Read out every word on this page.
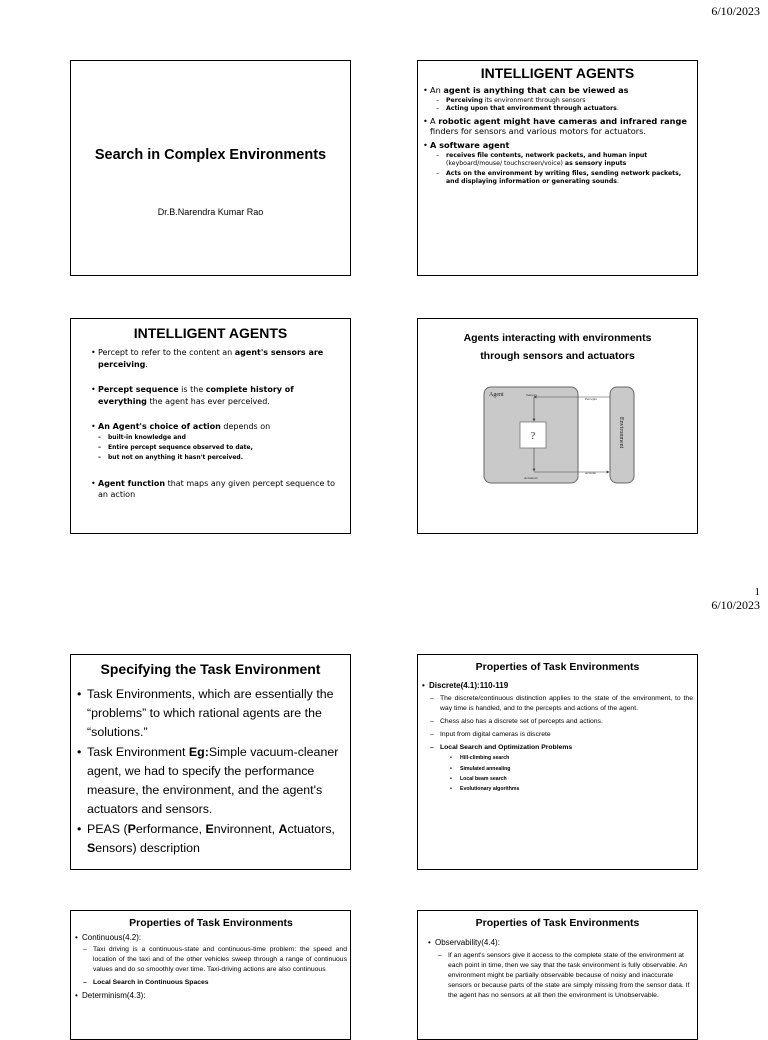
6/10/2023
1
6/10/2023
Search in Complex Environments
Dr.B.Narendra Kumar Rao
INTELLIGENT AGENTS
• An agent is anything that can be viewed as
– Perceiving its environment through sensors
– Acting upon that environment through actuators.
• A robotic agent might have cameras and infrared range finders for sensors and various motors for actuators.
• A software agent
– receives file contents, network packets, and human input (keyboard/mouse/ touchscreen/voice) as sensory inputs
– Acts on the environment by writing files, sending network packets, and displaying information or generating sounds.
INTELLIGENT AGENTS
• Percept to refer to the content an agent's sensors are perceiving.
• Percept sequence is the complete history of everything the agent has ever perceived.
• An Agent's choice of action depends on
– built-in knowledge and
– Entire percept sequence observed to date,
– but not on anything it hasn't perceived.
• Agent function that maps any given percept sequence to an action
Agents interacting with environments
through sensors and actuators
Agent	Sensors
Percepts
Actuators
Actions
Environment
?
Specifying the Task Environment
• Task Environments, which are essentially the “problems” to which rational agents are the “solutions.”
• Task Environment Eg:Simple vacuum-cleaner agent, we had to specify the performance measure, the environment, and the agent's actuators and sensors.
• PEAS (Performance, Environnent, Actuators, Sensors) description
Properties of Task Environments
• Discrete(4.1):110-119
– The discrete/continuous distinction applies to the state of the environment, to the way time is handled, and to the percepts and actions of the agent.
– Chess also has a discrete set of percepts and actions.
– Input from digital cameras is discrete
– Local Search and Optimization Problems
• Hill-climbing search
• Simulated annealing
• Local beam search
• Evolutionary algorithms
Properties of Task Environments
• Continuous(4.2):
– Taxi driving is a continuous-state and continuous-time problem: the speed and location of the taxi and of the other vehicles sweep through a range of continuous values and do so smoothly over time. Taxi-driving actions are also continuous
– Local Search in Continuous Spaces
• Determinism(4.3):
Properties of Task Environments
• Observability(4.4):
– If an agent's sensors give it access to the complete state of the environment at each point in time, then we say that the task environment is fully observable. An environment might be partially observable because of noisy and inaccurate sensors or because parts of the state are simply missing from the sensor data. If the agent has no sensors at all then the environment is Unobservable.
